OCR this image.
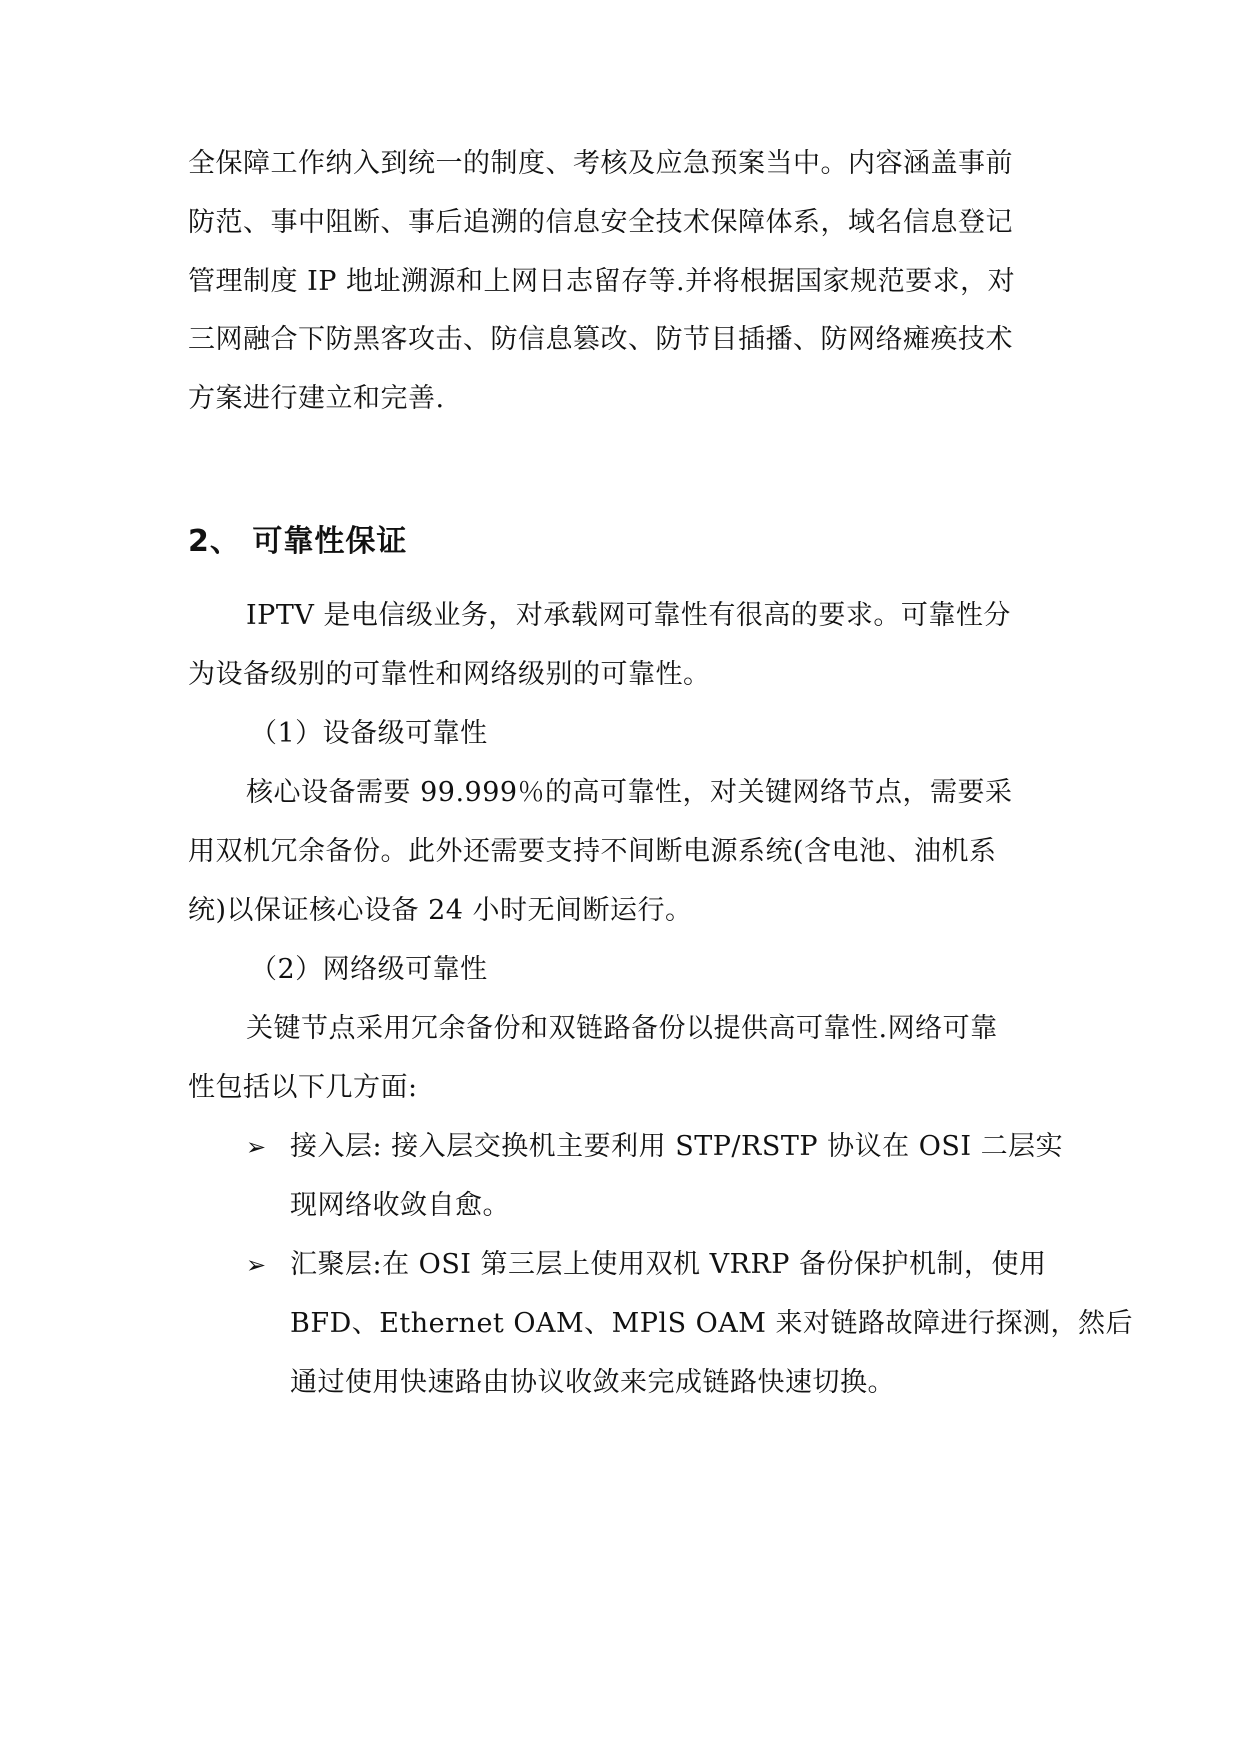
全保障工作纳入到统一的制度、考核及应急预案当中。内容涵盖事前
防范、事中阻断、事后追溯的信息安全技术保障体系，域名信息登记
管理制度 IP 地址溯源和上网日志留存等.并将根据国家规范要求，对
三网融合下防黑客攻击、防信息篡改、防节目插播、防网络瘫痪技术
方案进行建立和完善.
2、 可靠性保证
IPTV 是电信级业务，对承载网可靠性有很高的要求。可靠性分
为设备级别的可靠性和网络级别的可靠性。
（1）设备级可靠性
核心设备需要 99.999％的高可靠性，对关键网络节点，需要采
用双机冗余备份。此外还需要支持不间断电源系统(含电池、油机系
统)以保证核心设备 24 小时无间断运行。
（2）网络级可靠性
关键节点采用冗余备份和双链路备份以提供高可靠性.网络可靠
性包括以下几方面:
➢ 接入层: 接入层交换机主要利用 STP/RSTP 协议在 OSI 二层实
现网络收敛自愈。
➢ 汇聚层:在 OSI 第三层上使用双机 VRRP 备份保护机制，使用
BFD、Ethernet OAM、MPlS OAM 来对链路故障进行探测，然后
通过使用快速路由协议收敛来完成链路快速切换。
